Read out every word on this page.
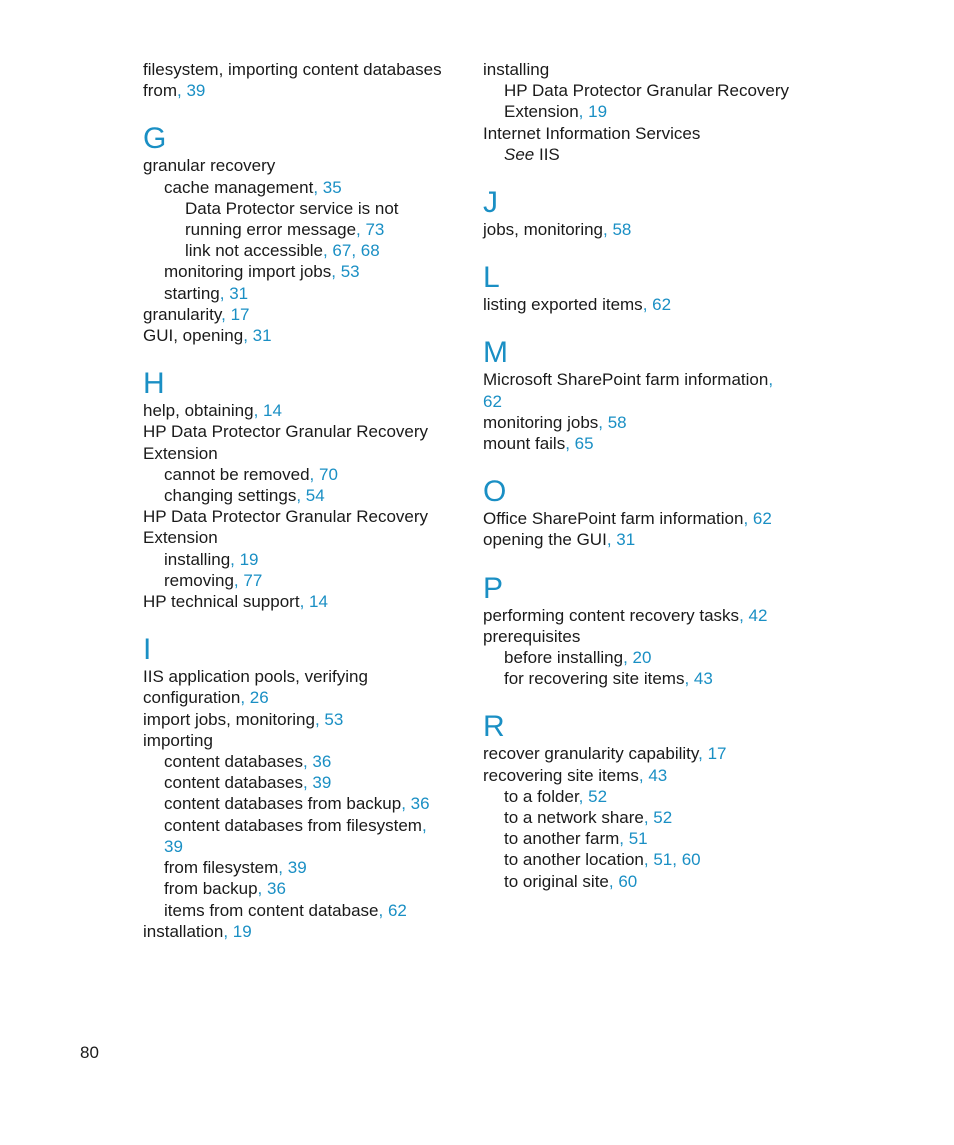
filesystem, importing content databases
from, 39
G
granular recovery
cache management, 35
Data Protector service is not
running error message, 73
link not accessible, 67, 68
monitoring import jobs, 53
starting, 31
granularity, 17
GUI, opening, 31
H
help, obtaining, 14
HP Data Protector Granular Recovery
Extension
cannot be removed, 70
changing settings, 54
HP Data Protector Granular Recovery
Extension
installing, 19
removing, 77
HP technical support, 14
I
IIS application pools, verifying
configuration, 26
import jobs, monitoring, 53
importing
content databases, 36
content databases, 39
content databases from backup, 36
content databases from filesystem,
39
from filesystem, 39
from backup, 36
items from content database, 62
installation, 19
installing
HP Data Protector Granular Recovery
Extension, 19
Internet Information Services
See IIS
J
jobs, monitoring, 58
L
listing exported items, 62
M
Microsoft SharePoint farm information,
62
monitoring jobs, 58
mount fails, 65
O
Office SharePoint farm information, 62
opening the GUI, 31
P
performing content recovery tasks, 42
prerequisites
before installing, 20
for recovering site items, 43
R
recover granularity capability, 17
recovering site items, 43
to a folder, 52
to a network share, 52
to another farm, 51
to another location, 51, 60
to original site, 60
80
